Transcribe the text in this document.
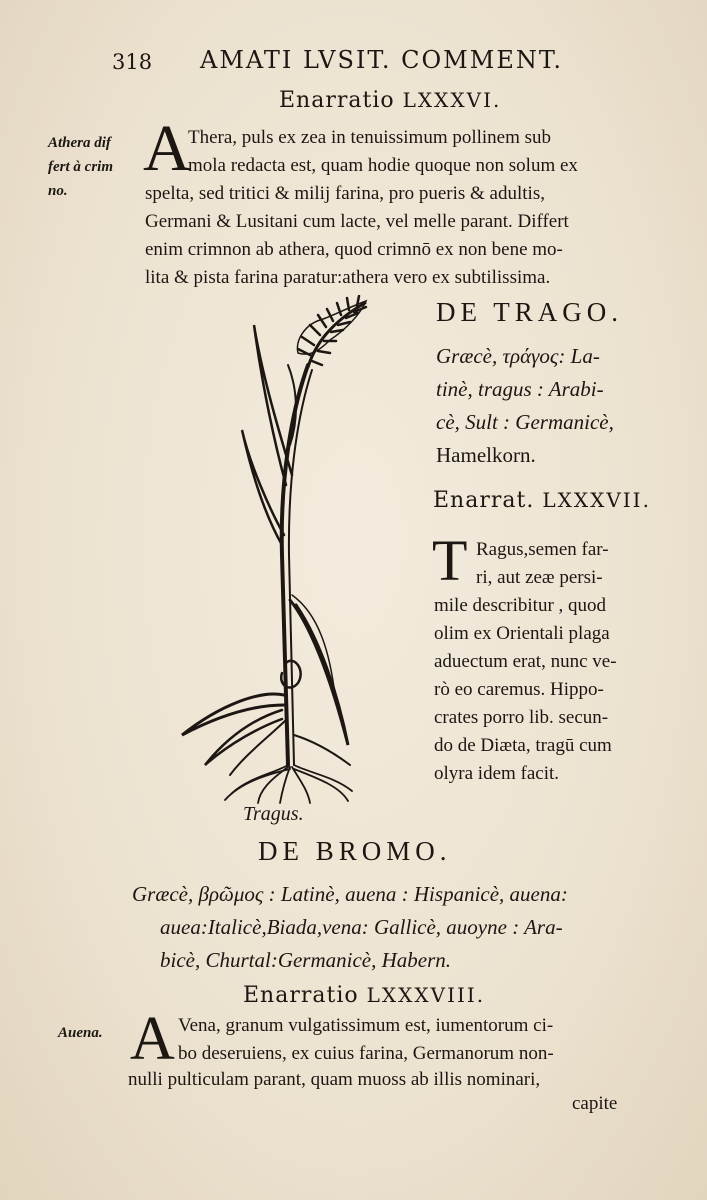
318 AMATI LVSIT. COMMENT.
Enarratio LXXXVI.
Athera dif
fert à crim
no.
A
Thera, puls ex zea in tenuissimum pollinem sub
mola redacta est, quam hodie quoque non solum ex
spelta, sed tritici & milij farina, pro pueris & adultis,
Germani & Lusitani cum lacte, vel melle parant. Differt
enim crimnon ab athera, quod crimnō ex non bene mo-
lita & pista farina paratur:athera vero ex subtilissima.
DE TRAGO.
Græcè, τράγος: La-
tinè, tragus : Arabi-
cè, Sult : Germanicè,
Hamelkorn.
Enarrat. LXXXVII.
T Ragus,semen far-
ri, aut zeæ persi-
mile describitur , quod
olim ex Orientali plaga
aduectum erat, nunc ve-
rò eo caremus. Hippo-
crates porro lib. secun-
do de Diæta, tragū cum
olyra idem facit.
Tragus.
DE BROMO.
Græcè, βρῶμος : Latinè, auena : Hispanicè, auena:
auea:Italicè,Biada,vena: Gallicè, auoyne : Ara-
bicè, Churtal:Germanicè, Habern.
Enarratio LXXXVIII.
Auena. A Vena, granum vulgatissimum est, iumentorum ci-
bo deseruiens, ex cuius farina, Germanorum non-
nulli pulticulam parant, quam muoss ab illis nominari,
capite
